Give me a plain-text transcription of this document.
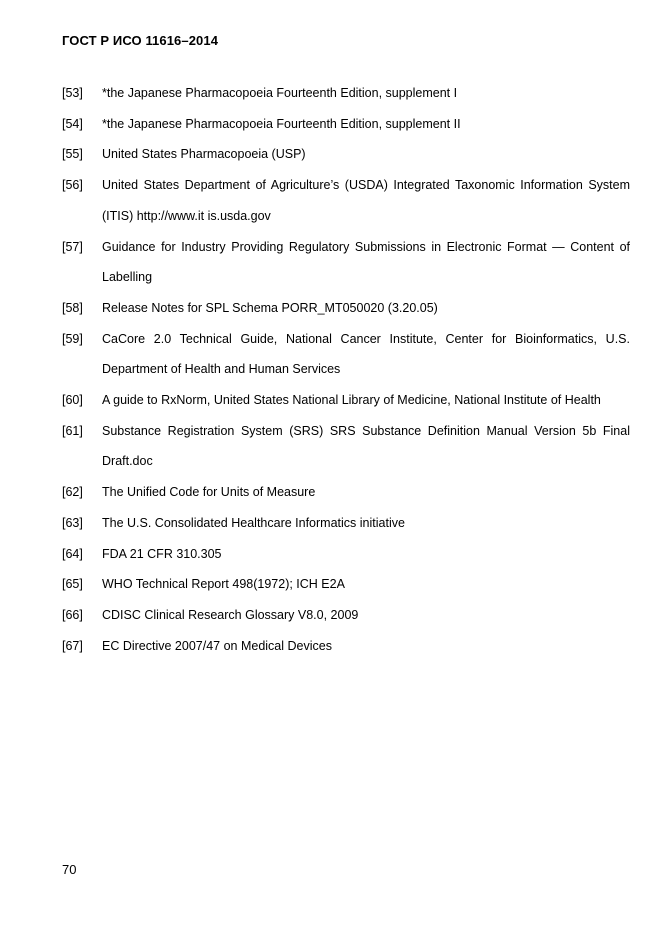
ГОСТ Р ИСО 11616–2014
[53]	*the Japanese Pharmacopoeia Fourteenth Edition, supplement I
[54]	*the Japanese Pharmacopoeia Fourteenth Edition, supplement II
[55]	United States Pharmacopoeia (USP)
[56]	United States Department of Agriculture’s (USDA) Integrated Taxonomic Information System (ITIS) http://www.it is.usda.gov
[57]	Guidance for Industry Providing Regulatory Submissions in Electronic Format — Content of Labelling
[58]	Release Notes for SPL Schema PORR_MT050020 (3.20.05)
[59]	CaCore 2.0 Technical Guide, National Cancer Institute, Center for Bioinformatics, U.S. Department of Health and Human Services
[60]	A guide to RxNorm, United States National Library of Medicine, National Institute of Health
[61]	Substance Registration System (SRS) SRS Substance Definition Manual Version 5b Final Draft.doc
[62]	The Unified Code for Units of Measure
[63]	The U.S. Consolidated Healthcare Informatics initiative
[64]	FDA 21 CFR 310.305
[65]	WHO Technical Report 498(1972); ICH E2A
[66]	CDISC Clinical Research Glossary V8.0, 2009
[67]	EC Directive 2007/47 on Medical Devices
70
